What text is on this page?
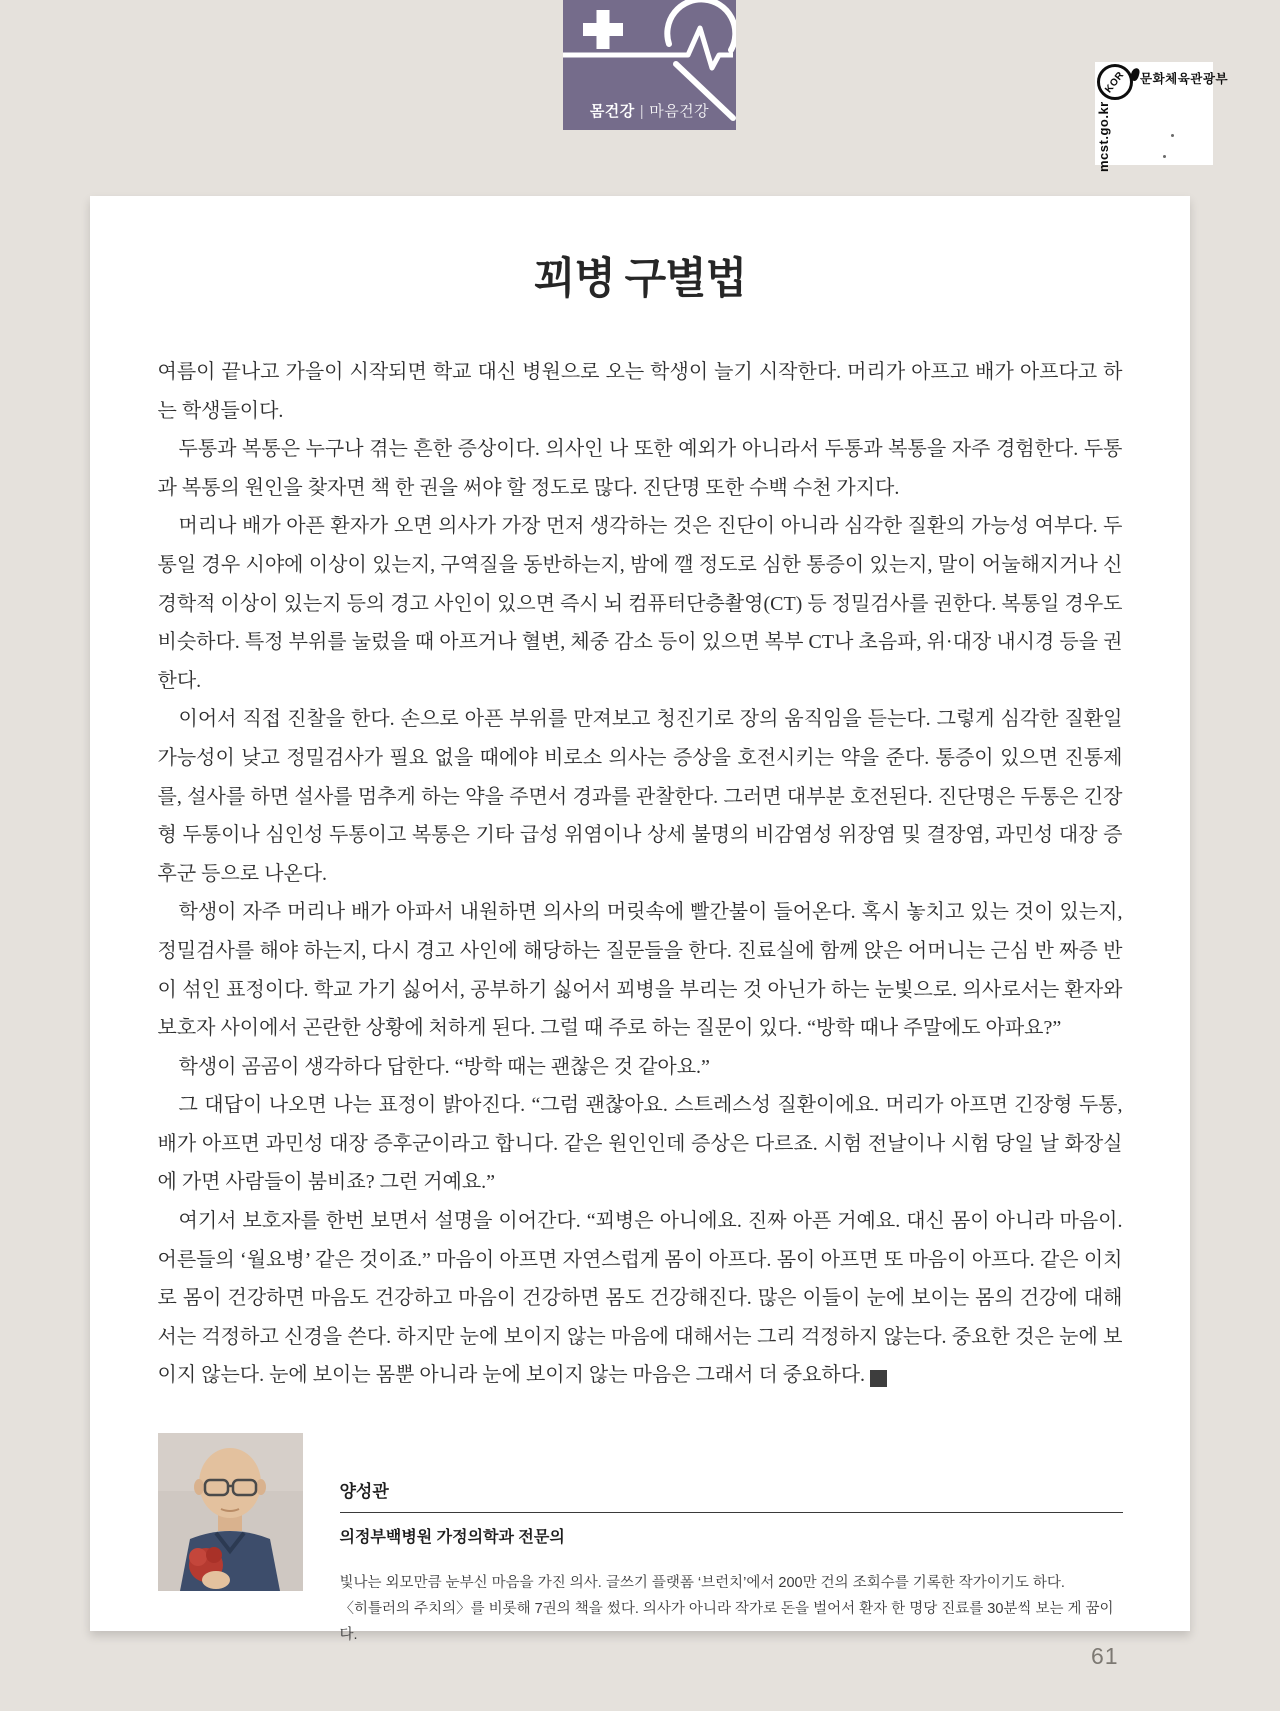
몸건강 | 마음건강
KOR 문화체육관광부
mcst.go.kr
꾀병 구별법

여름이 끝나고 가을이 시작되면 학교 대신 병원으로 오는 학생이 늘기 시작한다. 머리가 아프고 배가 아프다고 하는 학생들이다.

두통과 복통은 누구나 겪는 흔한 증상이다. 의사인 나 또한 예외가 아니라서 두통과 복통을 자주 경험한다. 두통과 복통의 원인을 찾자면 책 한 권을 써야 할 정도로 많다. 진단명 또한 수백 수천 가지다.

머리나 배가 아픈 환자가 오면 의사가 가장 먼저 생각하는 것은 진단이 아니라 심각한 질환의 가능성 여부다. 두통일 경우 시야에 이상이 있는지, 구역질을 동반하는지, 밤에 깰 정도로 심한 통증이 있는지, 말이 어눌해지거나 신경학적 이상이 있는지 등의 경고 사인이 있으면 즉시 뇌 컴퓨터단층촬영(CT) 등 정밀검사를 권한다. 복통일 경우도 비슷하다. 특정 부위를 눌렀을 때 아프거나 혈변, 체중 감소 등이 있으면 복부 CT나 초음파, 위·대장 내시경 등을 권한다.

이어서 직접 진찰을 한다. 손으로 아픈 부위를 만져보고 청진기로 장의 움직임을 듣는다. 그렇게 심각한 질환일 가능성이 낮고 정밀검사가 필요 없을 때에야 비로소 의사는 증상을 호전시키는 약을 준다. 통증이 있으면 진통제를, 설사를 하면 설사를 멈추게 하는 약을 주면서 경과를 관찰한다. 그러면 대부분 호전된다. 진단명은 두통은 긴장형 두통이나 심인성 두통이고 복통은 기타 급성 위염이나 상세 불명의 비감염성 위장염 및 결장염, 과민성 대장 증후군 등으로 나온다.

학생이 자주 머리나 배가 아파서 내원하면 의사의 머릿속에 빨간불이 들어온다. 혹시 놓치고 있는 것이 있는지, 정밀검사를 해야 하는지, 다시 경고 사인에 해당하는 질문들을 한다. 진료실에 함께 앉은 어머니는 근심 반 짜증 반이 섞인 표정이다. 학교 가기 싫어서, 공부하기 싫어서 꾀병을 부리는 것 아닌가 하는 눈빛으로. 의사로서는 환자와 보호자 사이에서 곤란한 상황에 처하게 된다. 그럴 때 주로 하는 질문이 있다. “방학 때나 주말에도 아파요?”

학생이 곰곰이 생각하다 답한다. “방학 때는 괜찮은 것 같아요.”

그 대답이 나오면 나는 표정이 밝아진다. “그럼 괜찮아요. 스트레스성 질환이에요. 머리가 아프면 긴장형 두통, 배가 아프면 과민성 대장 증후군이라고 합니다. 같은 원인인데 증상은 다르죠. 시험 전날이나 시험 당일 날 화장실에 가면 사람들이 붐비죠? 그런 거예요.”

여기서 보호자를 한번 보면서 설명을 이어간다. “꾀병은 아니에요. 진짜 아픈 거예요. 대신 몸이 아니라 마음이. 어른들의 ‘월요병’ 같은 것이죠.” 마음이 아프면 자연스럽게 몸이 아프다. 몸이 아프면 또 마음이 아프다. 같은 이치로 몸이 건강하면 마음도 건강하고 마음이 건강하면 몸도 건강해진다. 많은 이들이 눈에 보이는 몸의 건강에 대해서는 걱정하고 신경을 쓴다. 하지만 눈에 보이지 않는 마음에 대해서는 그리 걱정하지 않는다. 중요한 것은 눈에 보이지 않는다. 눈에 보이는 몸뿐 아니라 눈에 보이지 않는 마음은 그래서 더 중요하다. K

양성관
의정부백병원 가정의학과 전문의
빛나는 외모만큼 눈부신 마음을 가진 의사. 글쓰기 플랫폼 ‘브런치’에서 200만 건의 조회수를 기록한 작가이기도 하다.
〈히틀러의 주치의〉를 비롯해 7권의 책을 썼다. 의사가 아니라 작가로 돈을 벌어서 환자 한 명당 진료를 30분씩 보는 게 꿈이다.
61
